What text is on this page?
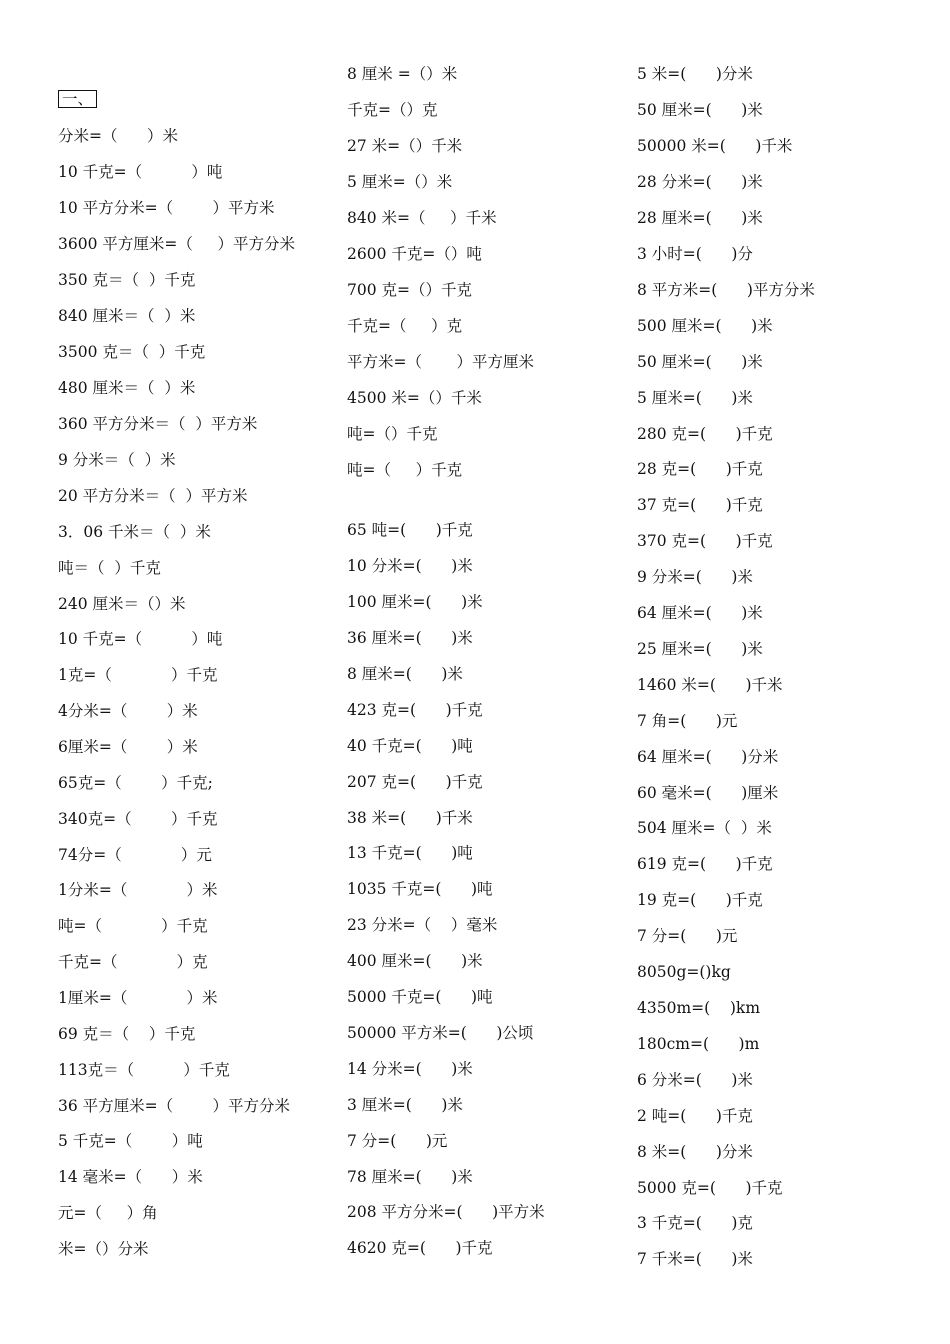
一、
分米=（      ）米
10 千克=（          ）吨
10 平方分米=（        ）平方米
3600 平方厘米=（     ）平方分米
350 克＝（  ）千克
840 厘米＝（  ）米
3500 克＝（  ）千克
480 厘米＝（  ）米
360 平方分米＝（  ）平方米
9 分米＝（  ）米
20 平方分米＝（  ）平方米
3．06 千米＝（  ）米
吨＝（  ）千克
240 厘米＝（）米
10 千克=（          ）吨
1克=（            ）千克
4分米=（        ）米
6厘米=（        ）米
65克=（        ）千克;
340克=（        ）千克
74分=（            ）元
1分米=（            ）米
吨=（            ）千克
千克=（            ）克
1厘米=（            ）米
69 克＝（    ）千克
113克＝（          ）千克
36 平方厘米=（        ）平方分米
5 千克=（        ）吨
14 毫米=（      ）米
元=（     ）角
米=（）分米
8 厘米 =（）米
千克=（）克
27 米=（）千米
5 厘米=（）米
840 米=（     ）千米
2600 千克=（）吨
700 克=（）千克
千克=（     ）克
平方米=（       ）平方厘米
4500 米=（）千米
吨=（）千克
吨=（     ）千克
65 吨=(      )千克
10 分米=(      )米
100 厘米=(      )米
36 厘米=(      )米
8 厘米=(      )米
423 克=(      )千克
40 千克=(      )吨
207 克=(      )千克
38 米=(      )千米
13 千克=(      )吨
1035 千克=(      )吨
23 分米=（    ）毫米
400 厘米=(      )米
5000 千克=(      )吨
50000 平方米=(      )公顷
14 分米=(      )米
3 厘米=(      )米
7 分=(      )元
78 厘米=(      )米
208 平方分米=(      )平方米
4620 克=(      )千克
5 米=(      )分米
50 厘米=(      )米
50000 米=(      )千米
28 分米=(      )米
28 厘米=(      )米
3 小时=(      )分
8 平方米=(      )平方分米
500 厘米=(      )米
50 厘米=(      )米
5 厘米=(      )米
280 克=(      )千克
28 克=(      )千克
37 克=(      )千克
370 克=(      )千克
9 分米=(      )米
64 厘米=(      )米
25 厘米=(      )米
1460 米=(      )千米
7 角=(      )元
64 厘米=(      )分米
60 毫米=(      )厘米
504 厘米=（  ）米
619 克=(      )千克
19 克=(      )千克
7 分=(      )元
8050g=()kg
4350m=(    )km
180cm=(      )m
6 分米=(      )米
2 吨=(      )千克
8 米=(      )分米
5000 克=(      )千克
3 千克=(      )克
7 千米=(      )米
